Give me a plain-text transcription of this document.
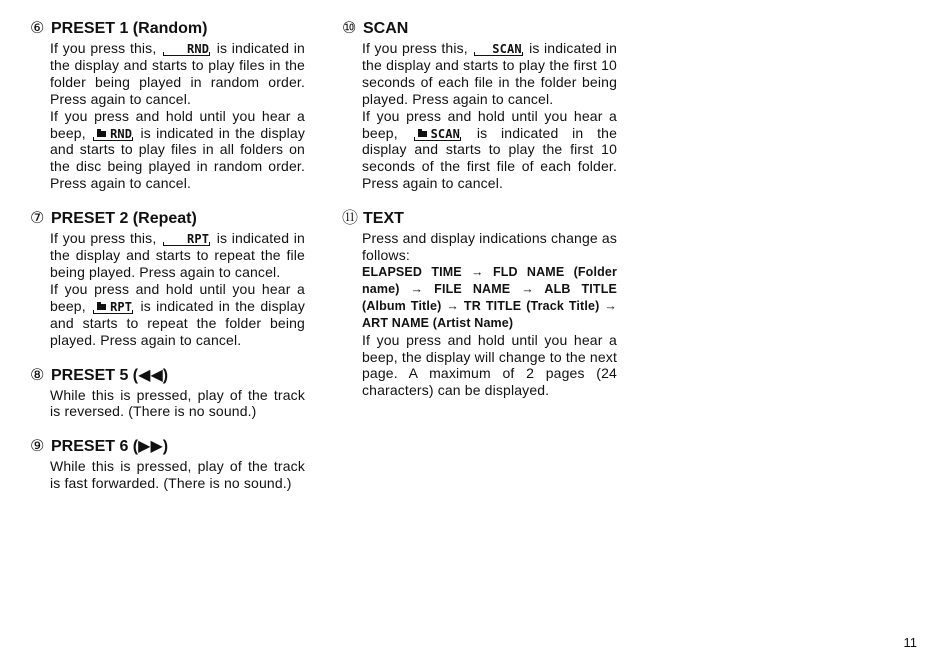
⑥ PRESET 1 (Random)

If you press this,	RND is indicated in the display and starts to play files in the folder being played in random order. Press again to cancel.

If you press and hold until you hear a beep, RND is indicated in the display and starts to play files in all folders on the disc being played in random order. Press again to cancel.

⑦ PRESET 2 (Repeat)

If you press this,	RPT is indicated in the display and starts to repeat the file being played. Press again to cancel.

If you press and hold until you hear a beep, RPT is indicated in the display and starts to repeat the folder being played. Press again to cancel.

⑧ PRESET 5 (◀◀)

While this is pressed, play of the track is reversed. (There is no sound.)

⑨ PRESET 6 (▶▶)

While this is pressed, play of the track is fast forwarded. (There is no sound.)

⑩ SCAN

If you press this, SCAN is indicated in the display and starts to play the first 10 seconds of each file in the folder being played. Press again to cancel.

If you press and hold until you hear a beep,	SCAN is indicated in the display and starts to play the first 10 seconds of the first file of each folder. Press again to cancel.

⑪ TEXT

Press and display indications change as follows:

ELAPSED TIME → FLD NAME (Folder name) → FILE NAME → ALB TITLE (Album Title) → TR TITLE (Track Title) → ART NAME (Artist Name)

If you press and hold until you hear a beep, the display will change to the next page. A maximum of 2 pages (24 characters) can be displayed.

11
